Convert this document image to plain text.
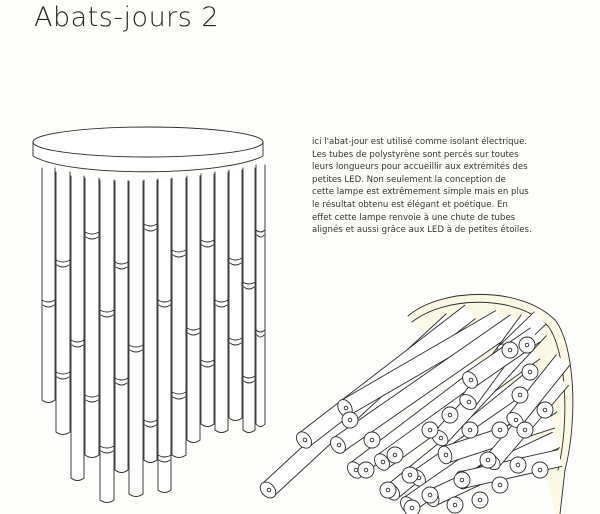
Abats-jours 2
ici l'abat-jour est utilisé comme isolant électrique.
Les tubes de polystyrène sont percés sur toutes
leurs longueurs pour accueillir aux extrémités des
petites LED. Non seulement la conception de
cette lampe est extrêmement simple mais en plus
le résultat obtenu est élégant et poétique. En
effet cette lampe renvoie à une chute de tubes
alignés et aussi grâce aux LED à de petites étoiles.
